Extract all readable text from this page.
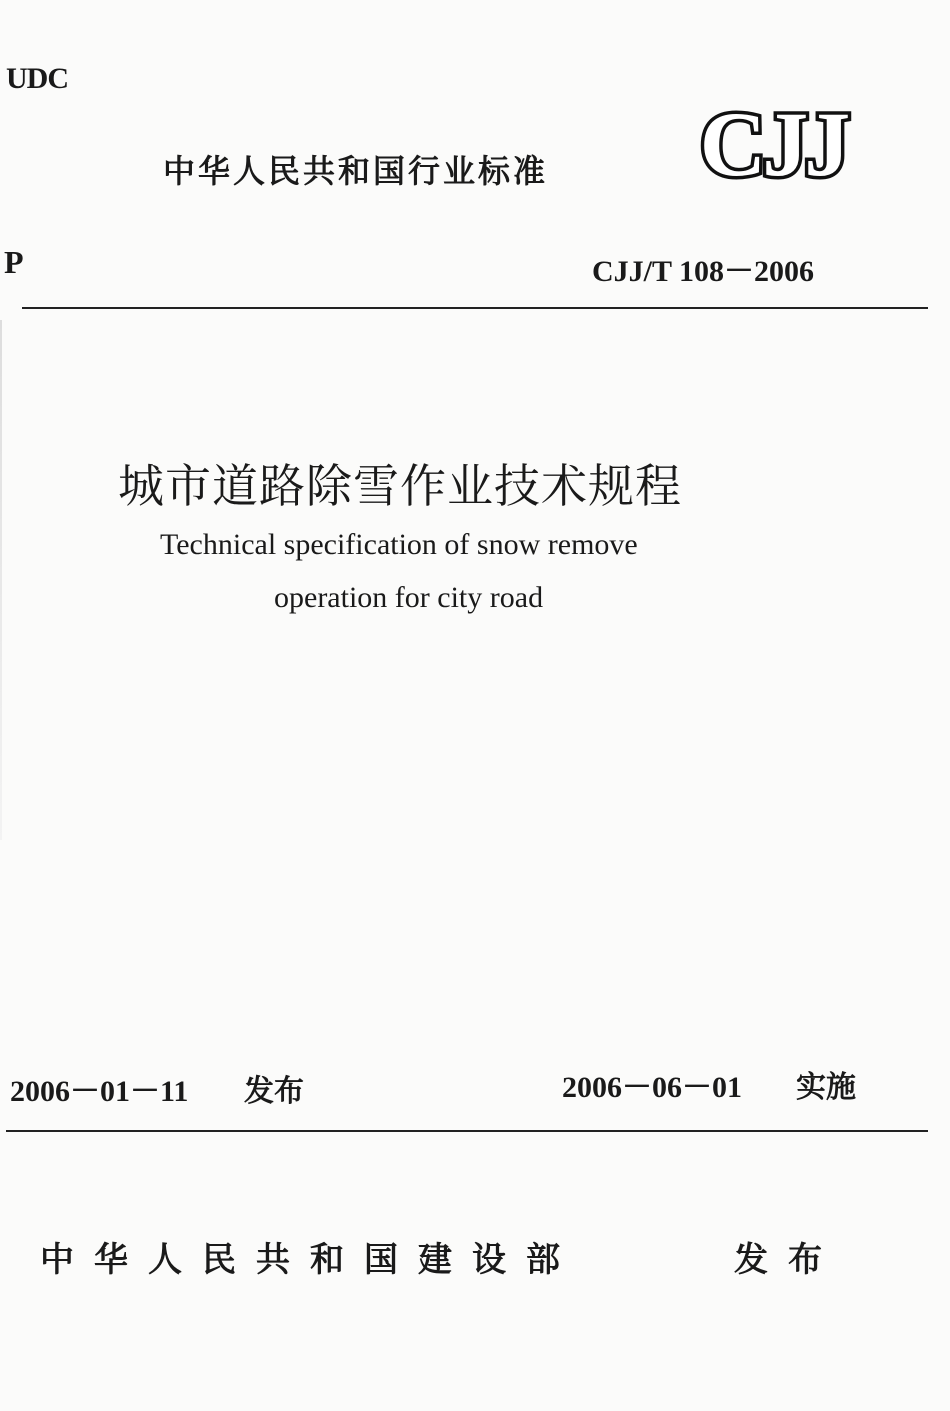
UDC
中华人民共和国行业标准 CJJ
P	CJJ/T 108－2006
城市道路除雪作业技术规程
Technical specification of snow remove
operation for city road
2006－01－11 发布	2006－06－01 实施
中华人民共和国建设部	发布
